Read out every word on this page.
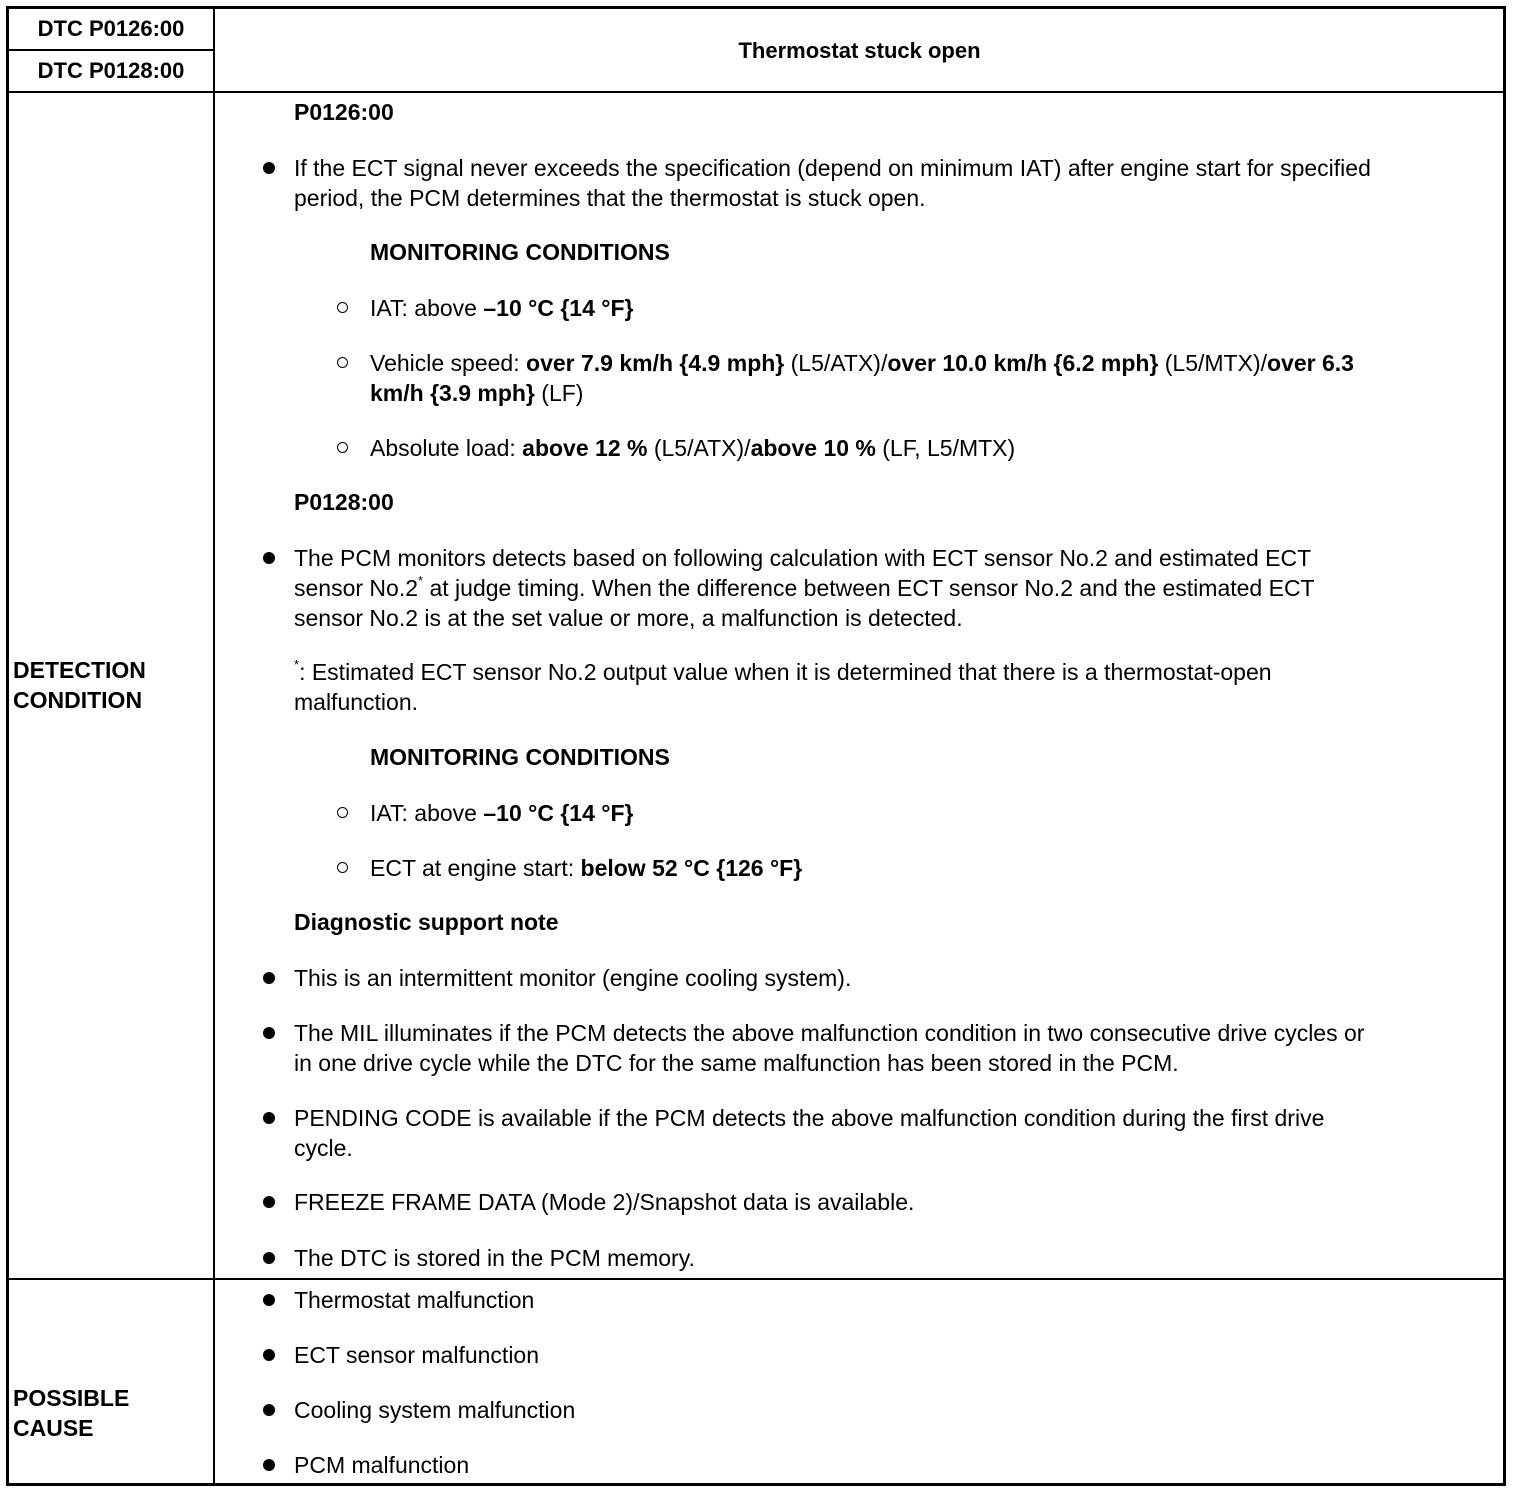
DTC P0126:00
DTC P0128:00
Thermostat stuck open
DETECTION
CONDITION
POSSIBLE
CAUSE
P0126:00
If the ECT signal never exceeds the specification (depend on minimum IAT) after engine start for specified
period, the PCM determines that the thermostat is stuck open.
MONITORING CONDITIONS
IAT: above –10 °C {14 °F}
Vehicle speed: over 7.9 km/h {4.9 mph} (L5/ATX)/over 10.0 km/h {6.2 mph} (L5/MTX)/over 6.3
km/h {3.9 mph} (LF)
Absolute load: above 12 % (L5/ATX)/above 10 % (LF, L5/MTX)
P0128:00
The PCM monitors detects based on following calculation with ECT sensor No.2 and estimated ECT
sensor No.2* at judge timing. When the difference between ECT sensor No.2 and the estimated ECT
sensor No.2 is at the set value or more, a malfunction is detected.
*: Estimated ECT sensor No.2 output value when it is determined that there is a thermostat-open
malfunction.
MONITORING CONDITIONS
IAT: above –10 °C {14 °F}
ECT at engine start: below 52 °C {126 °F}
Diagnostic support note
This is an intermittent monitor (engine cooling system).
The MIL illuminates if the PCM detects the above malfunction condition in two consecutive drive cycles or
in one drive cycle while the DTC for the same malfunction has been stored in the PCM.
PENDING CODE is available if the PCM detects the above malfunction condition during the first drive
cycle.
FREEZE FRAME DATA (Mode 2)/Snapshot data is available.
The DTC is stored in the PCM memory.
Thermostat malfunction
ECT sensor malfunction
Cooling system malfunction
PCM malfunction
